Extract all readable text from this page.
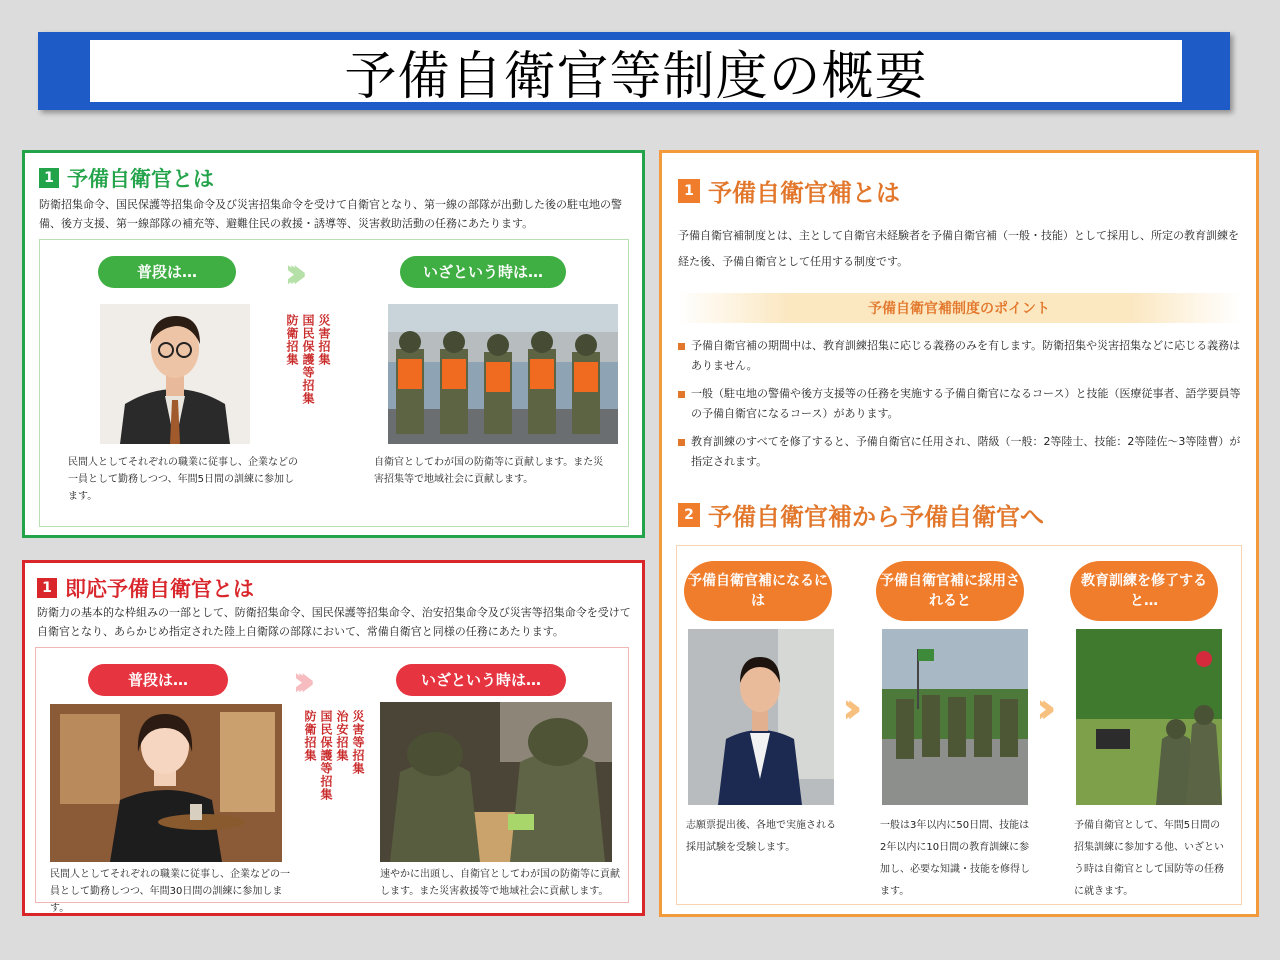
予備自衛官等制度の概要
1 予備自衛官とは
防衛招集命令、国民保護等招集命令及び災害招集命令を受けて自衛官となり、第一線の部隊が出動した後の駐屯地の警備、後方支援、第一線部隊の補充等、避難住民の救援・誘導等、災害救助活動の任務にあたります。
普段は…	いざという時は…
›››
災害招集
国民保護等招集
防衛招集
民間人としてそれぞれの職業に従事し、企業などの一員として勤務しつつ、年間5日間の訓練に参加します。
自衛官としてわが国の防衛等に貢献します。また災害招集等で地域社会に貢献します。
1 即応予備自衛官とは
防衛力の基本的な枠組みの一部として、防衛招集命令、国民保護等招集命令、治安招集命令及び災害等招集命令を受けて自衛官となり、あらかじめ指定された陸上自衛隊の部隊において、常備自衛官と同様の任務にあたります。
普段は…	いざという時は…
›››
災害等招集
治安招集
国民保護等招集
防衛招集
民間人としてそれぞれの職業に従事し、企業などの一員として勤務しつつ、年間30日間の訓練に参加します。
速やかに出頭し、自衛官としてわが国の防衛等に貢献します。また災害救援等で地域社会に貢献します。
1 予備自衛官補とは
予備自衛官補制度とは、主として自衛官未経験者を予備自衛官補（一般・技能）として採用し、所定の教育訓練を経た後、予備自衛官として任用する制度です。
予備自衛官補制度のポイント
予備自衛官補の期間中は、教育訓練招集に応じる義務のみを有します。防衛招集や災害招集などに応じる義務はありません。
一般（駐屯地の警備や後方支援等の任務を実施する予備自衛官になるコース）と技能（医療従事者、語学要員等の予備自衛官になるコース）があります。
教育訓練のすべてを修了すると、予備自衛官に任用され、階級（一般：2等陸士、技能：2等陸佐〜3等陸曹）が指定されます。
2 予備自衛官補から予備自衛官へ
予備自衛官補になるには
予備自衛官補に採用されると
教育訓練を修了すると…
››	››
志願票提出後、各地で実施される採用試験を受験します。
一般は3年以内に50日間、技能は2年以内に10日間の教育訓練に参加し、必要な知識・技能を修得します。
予備自衛官として、年間5日間の招集訓練に参加する他、いざという時は自衛官として国防等の任務に就きます。
